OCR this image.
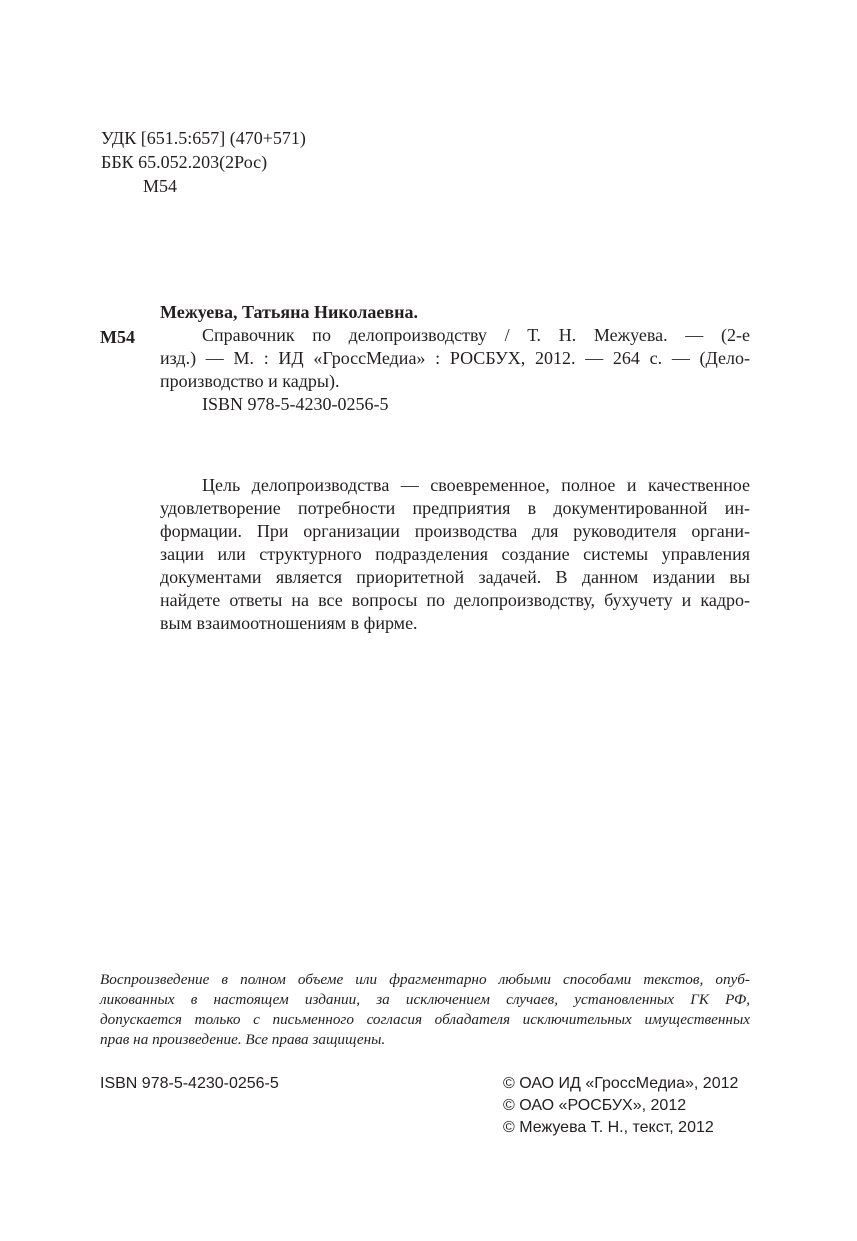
УДК [651.5:657] (470+571)
ББК 65.052.203(2Рос)
М54
Межуева, Татьяна Николаевна.
М54	Справочник по делопроизводству / Т. Н. Межуева. — (2-е
изд.) — М. : ИД «ГроссМедиа» : РОСБУХ, 2012. — 264 с. — (Дело-
производство и кадры).
ISBN 978-5-4230-0256-5
Цель делопроизводства — своевременное, полное и качественное
удовлетворение потребности предприятия в документированной ин-
формации. При организации производства для руководителя органи-
зации или структурного подразделения создание системы управления
документами является приоритетной задачей. В данном издании вы
найдете ответы на все вопросы по делопроизводству, бухучету и кадро-
вым взаимоотношениям в фирме.
Воспроизведение в полном объеме или фрагментарно любыми способами текстов, опуб-
ликованных в настоящем издании, за исключением случаев, установленных ГК РФ,
допускается только с письменного согласия обладателя исключительных имущественных
прав на произведение. Все права защищены.
ISBN 978-5-4230-0256-5	© ОАО ИД «ГроссМедиа», 2012
© ОАО «РОСБУХ», 2012
© Межуева Т. Н., текст, 2012
